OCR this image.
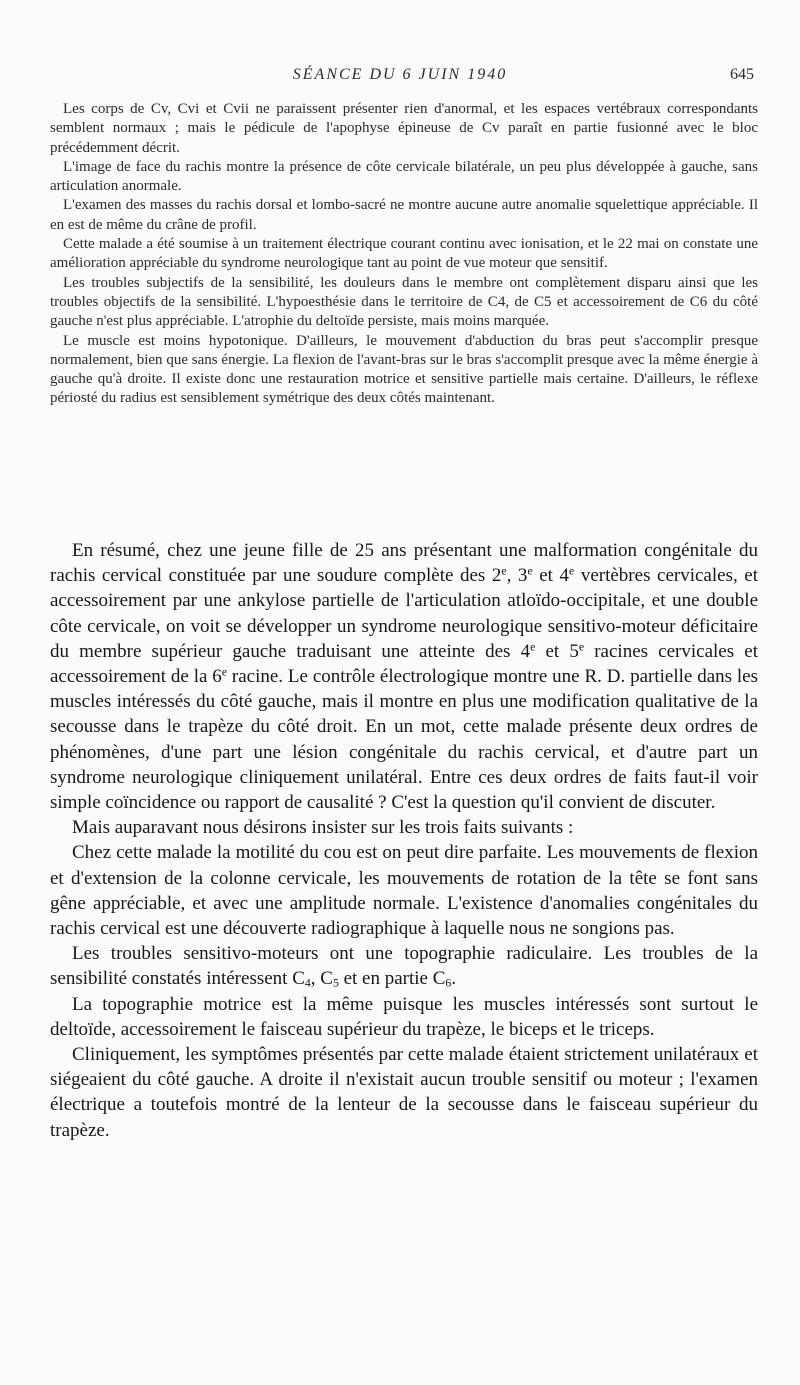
SÉANCE DU 6 JUIN 1940	645

Les corps de Cv, Cvi et Cvii ne paraissent présenter rien d'anormal, et les espaces vertébraux correspondants semblent normaux ; mais le pédicule de l'apophyse épineuse de Cv paraît en partie fusionné avec le bloc précédemment décrit.

L'image de face du rachis montre la présence de côte cervicale bilatérale, un peu plus développée à gauche, sans articulation anormale.

L'examen des masses du rachis dorsal et lombo-sacré ne montre aucune autre anomalie squelettique appréciable. Il en est de même du crâne de profil.

Cette malade a été soumise à un traitement électrique courant continu avec ionisation, et le 22 mai on constate une amélioration appréciable du syndrome neurologique tant au point de vue moteur que sensitif.

Les troubles subjectifs de la sensibilité, les douleurs dans le membre ont complètement disparu ainsi que les troubles objectifs de la sensibilité. L'hypoesthésie dans le territoire de C4, de C5 et accessoirement de C6 du côté gauche n'est plus appréciable. L'atrophie du deltoïde persiste, mais moins marquée.

Le muscle est moins hypotonique. D'ailleurs, le mouvement d'abduction du bras peut s'accomplir presque normalement, bien que sans énergie. La flexion de l'avant-bras sur le bras s'accomplit presque avec la même énergie à gauche qu'à droite. Il existe donc une restauration motrice et sensitive partielle mais certaine. D'ailleurs, le réflexe périosté du radius est sensiblement symétrique des deux côtés maintenant.

En résumé, chez une jeune fille de 25 ans présentant une malformation congénitale du rachis cervical constituée par une soudure complète des 2e, 3e et 4e vertèbres cervicales, et accessoirement par une ankylose partielle de l'articulation atloïdo-occipitale, et une double côte cervicale, on voit se développer un syndrome neurologique sensitivo-moteur déficitaire du membre supérieur gauche traduisant une atteinte des 4e et 5e racines cervicales et accessoirement de la 6e racine. Le contrôle électrologique montre une R. D. partielle dans les muscles intéressés du côté gauche, mais il montre en plus une modification qualitative de la secousse dans le trapèze du côté droit. En un mot, cette malade présente deux ordres de phénomènes, d'une part une lésion congénitale du rachis cervical, et d'autre part un syndrome neurologique cliniquement unilatéral. Entre ces deux ordres de faits faut-il voir simple coïncidence ou rapport de causalité ? C'est la question qu'il convient de discuter.

Mais auparavant nous désirons insister sur les trois faits suivants :

Chez cette malade la motilité du cou est on peut dire parfaite. Les mouvements de flexion et d'extension de la colonne cervicale, les mouvements de rotation de la tête se font sans gêne appréciable, et avec une amplitude normale. L'existence d'anomalies congénitales du rachis cervical est une découverte radiographique à laquelle nous ne songions pas.

Les troubles sensitivo-moteurs ont une topographie radiculaire. Les troubles de la sensibilité constatés intéressent $C_4$, $C_5$ et en partie $C_6$.

La topographie motrice est la même puisque les muscles intéressés sont surtout le deltoïde, accessoirement le faisceau supérieur du trapèze, le biceps et le triceps.

Cliniquement, les symptômes présentés par cette malade étaient strictement unilatéraux et siégeaient du côté gauche. A droite il n'existait aucun trouble sensitif ou moteur ; l'examen électrique a toutefois montré de la lenteur de la secousse dans le faisceau supérieur du trapèze.
